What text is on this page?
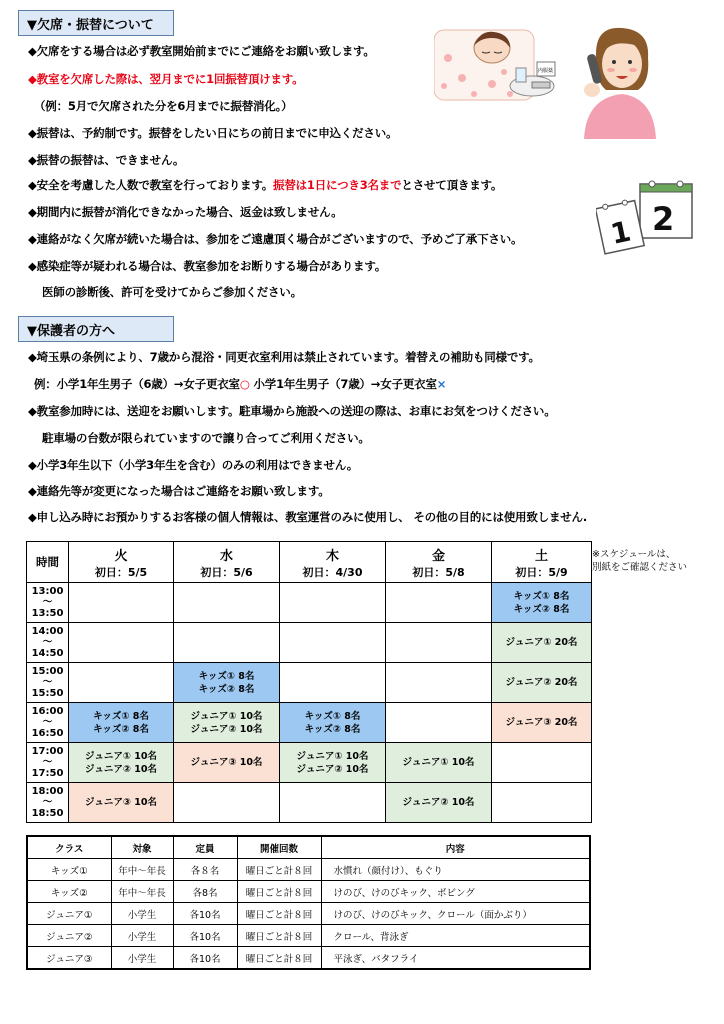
▼欠席・振替について
◆欠席をする場合は必ず教室開始前までにご連絡をお願い致します。
◆教室を欠席した際は、翌月までに1回振替頂けます。
（例：5月で欠席された分を6月までに振替消化。）
◆振替は、予約制です。振替をしたい日にちの前日までに申込ください。
◆振替の振替は、できません。
◆安全を考慮した人数で教室を行っております。振替は1日につき3名までとさせて頂きます。
◆期間内に振替が消化できなかった場合、返金は致しません。
◆連絡がなく欠席が続いた場合は、参加をご遠慮頂く場合がございますので、予めご了承下さい。
◆感染症等が疑われる場合は、教室参加をお断りする場合があります。
医師の診断後、許可を受けてからご参加ください。
内服薬
2
1
▼保護者の方へ
◆埼玉県の条例により、7歳から混浴・同更衣室利用は禁止されています。着替えの補助も同様です。
例：小学1年生男子（6歳）→女子更衣室○ 小学1年生男子（7歳）→女子更衣室×
◆教室参加時には、送迎をお願いします。駐車場から施設への送迎の際は、お車にお気をつけください。
駐車場の台数が限られていますので譲り合ってご利用ください。
◆小学3年生以下（小学3年生を含む）のみの利用はできません。
◆連絡先等が変更になった場合はご連絡をお願い致します。
◆申し込み時にお預かりするお客様の個人情報は、教室運営のみに使用し、 その他の目的には使用致しません.
時間	火
初日：5/5	水
初日：5/6	木
初日：4/30	金
初日：5/8	土
初日：5/9

13:00
～
13:50					キッズ① 8名
キッズ② 8名
14:00
～
14:50					ジュニア① 20名
15:00
～
15:50		キッズ① 8名
キッズ② 8名			ジュニア② 20名
16:00
～
16:50	キッズ① 8名
キッズ② 8名	ジュニア① 10名
ジュニア② 10名	キッズ① 8名
キッズ② 8名		ジュニア③ 20名
17:00
～
17:50	ジュニア① 10名
ジュニア② 10名	ジュニア③ 10名	ジュニア① 10名
ジュニア② 10名	ジュニア① 10名	
18:00
～
18:50	ジュニア③ 10名			ジュニア② 10名	
※スケジュールは、
別紙をご確認ください
クラス	対象	定員	開催回数	内容
キッズ①	年中～年長	各８名	曜日ごと計８回	水慣れ（顔付け）、もぐり
キッズ②	年中～年長	各8名	曜日ごと計８回	けのび、けのびキック、ボビング
ジュニア①	小学生	各10名	曜日ごと計８回	けのび、けのびキック、クロール（面かぶり）
ジュニア②	小学生	各10名	曜日ごと計８回	クロール、背泳ぎ
ジュニア③	小学生	各10名	曜日ごと計８回	平泳ぎ、バタフライ
